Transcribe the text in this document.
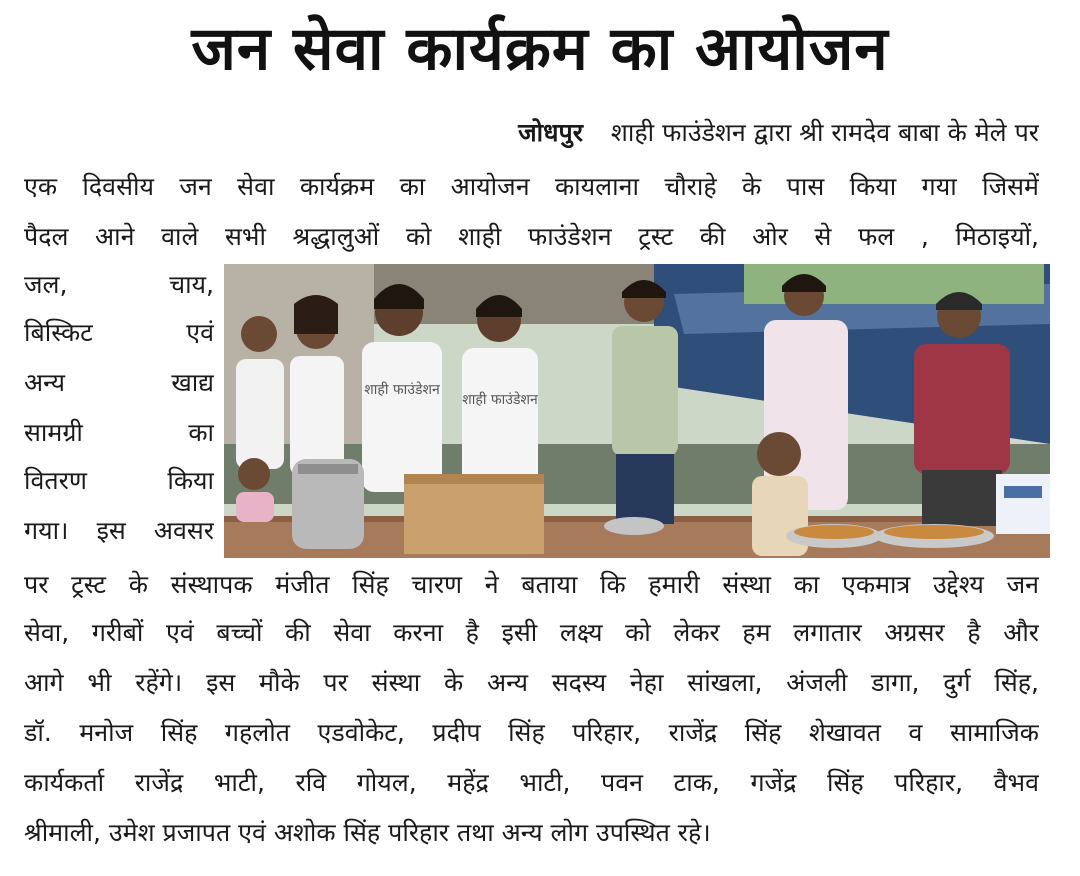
जन सेवा कार्यक्रम का आयोजन
जोधपुर शाही फाउंडेशन द्वारा श्री रामदेव बाबा के मेले पर
एक दिवसीय जन सेवा कार्यक्रम का आयोजन कायलाना चौराहे के पास किया गया जिसमें
पैदल आने वाले सभी श्रद्धालुओं को शाही फाउंडेशन ट्रस्ट की ओर से फल , मिठाइयों,
जल, चाय,
बिस्किट एवं
अन्य खाद्य
सामग्री का
वितरण किया
गया। इस अवसर
शाही फाउंडेशन
शाही फाउंडेशन
पर ट्रस्ट के संस्थापक मंजीत सिंह चारण ने बताया कि हमारी संस्था का एकमात्र उद्देश्य जन
सेवा, गरीबों एवं बच्चों की सेवा करना है इसी लक्ष्य को लेकर हम लगातार अग्रसर है और
आगे भी रहेंगे। इस मौके पर संस्था के अन्य सदस्य नेहा सांखला, अंजली डागा, दुर्ग सिंह,
डॉ. मनोज सिंह गहलोत एडवोकेट, प्रदीप सिंह परिहार, राजेंद्र सिंह शेखावत व सामाजिक
कार्यकर्ता राजेंद्र भाटी, रवि गोयल, महेंद्र भाटी, पवन टाक, गजेंद्र सिंह परिहार, वैभव
श्रीमाली, उमेश प्रजापत एवं अशोक सिंह परिहार तथा अन्य लोग उपस्थित रहे।
